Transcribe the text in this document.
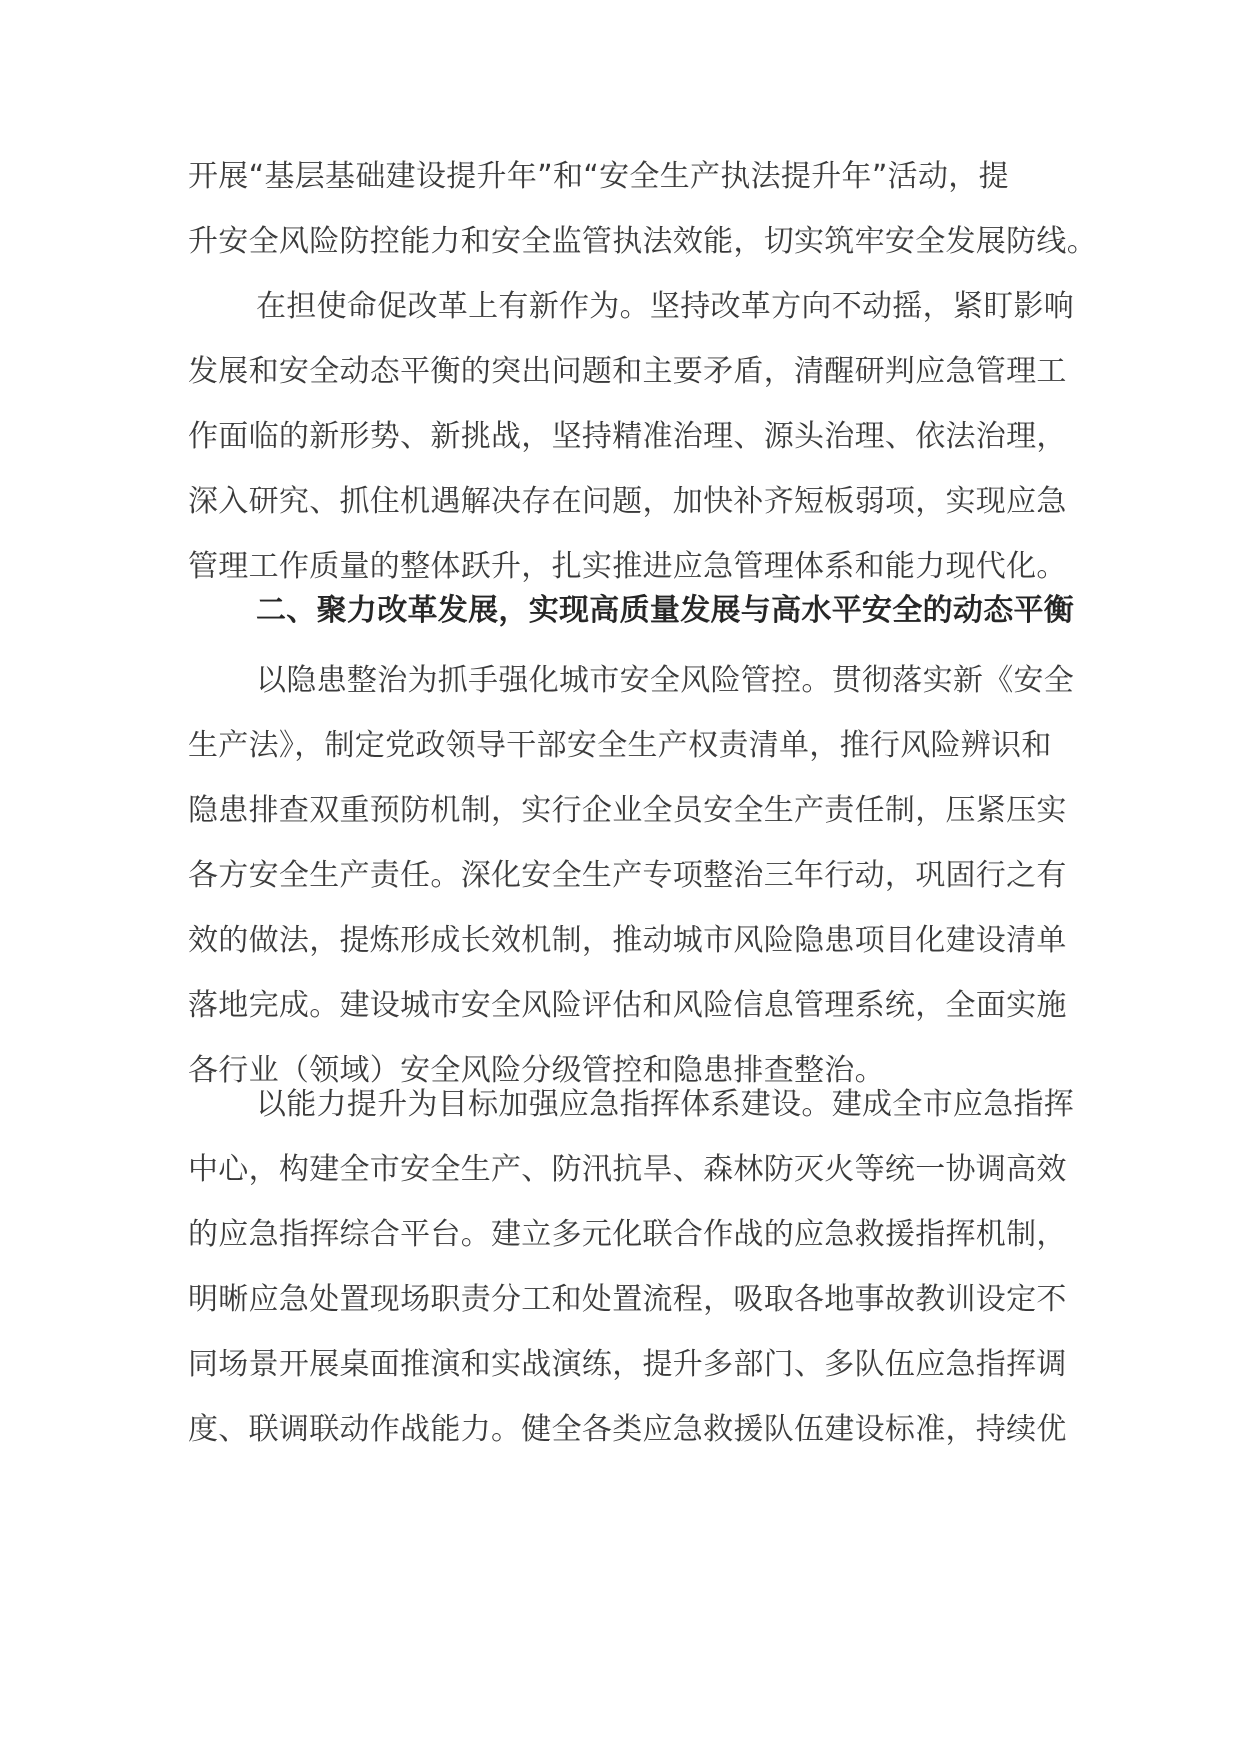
开展“基层基础建设提升年”和“安全生产执法提升年”活动，提
升安全风险防控能力和安全监管执法效能，切实筑牢安全发展防线。
在担使命促改革上有新作为。坚持改革方向不动摇，紧盯影响
发展和安全动态平衡的突出问题和主要矛盾，清醒研判应急管理工
作面临的新形势、新挑战，坚持精准治理、源头治理、依法治理，
深入研究、抓住机遇解决存在问题，加快补齐短板弱项，实现应急
管理工作质量的整体跃升，扎实推进应急管理体系和能力现代化。
二、聚力改革发展，实现高质量发展与高水平安全的动态平衡
以隐患整治为抓手强化城市安全风险管控。贯彻落实新《安全
生产法》，制定党政领导干部安全生产权责清单，推行风险辨识和
隐患排查双重预防机制，实行企业全员安全生产责任制，压紧压实
各方安全生产责任。深化安全生产专项整治三年行动，巩固行之有
效的做法，提炼形成长效机制，推动城市风险隐患项目化建设清单
落地完成。建设城市安全风险评估和风险信息管理系统，全面实施
各行业（领域）安全风险分级管控和隐患排查整治。
以能力提升为目标加强应急指挥体系建设。建成全市应急指挥
中心，构建全市安全生产、防汛抗旱、森林防灭火等统一协调高效
的应急指挥综合平台。建立多元化联合作战的应急救援指挥机制，
明晰应急处置现场职责分工和处置流程，吸取各地事故教训设定不
同场景开展桌面推演和实战演练，提升多部门、多队伍应急指挥调
度、联调联动作战能力。健全各类应急救援队伍建设标准，持续优
